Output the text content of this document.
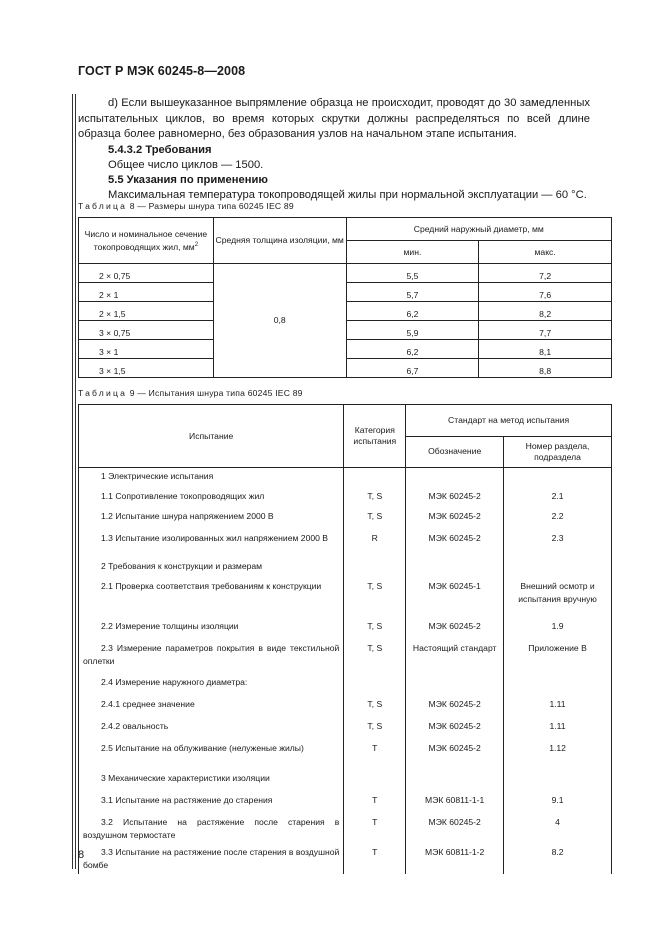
ГОСТ Р МЭК 60245-8—2008
d) Если вышеуказанное выпрямление образца не происходит, проводят до 30 замедленных испытательных циклов, во время которых скрутки должны распределяться по всей длине образца более равномерно, без образования узлов на начальном этапе испытания.
5.4.3.2 Требования
Общее число циклов — 1500.
5.5 Указания по применению
Максимальная температура токопроводящей жилы при нормальной эксплуатации — 60 °С.
Таблица 8 — Размеры шнура типа 60245 IEC 89
Число и номинальное сечение токопроводящих жил, $мм^2$	Средняя толщина изоляции, мм	Средний наружный диаметр, мм	
		мин.	макс.
2 × 0,75	0,8	5,5	7,2
2 × 1		5,7	7,6
2 × 1,5		6,2	8,2
3 × 0,75		5,9	7,7
3 × 1		6,2	8,1
3 × 1,5		6,7	8,8
Таблица 9 — Испытания шнура типа 60245 IEC 89
Испытание	Категория испытания	Стандарт на метод испытания	
		Обозначение	Номер раздела, подраздела
1 Электрические испытания			
1.1 Сопротивление токопроводящих жил	T, S	МЭК 60245-2	2.1
1.2 Испытание шнура напряжением 2000 В	T, S	МЭК 60245-2	2.2
1.3 Испытание изолированных жил напряжением 2000 В	R	МЭК 60245-2	2.3
2 Требования к конструкции и размерам			
2.1 Проверка соответствия требованиям к конструкции	T, S	МЭК 60245-1	Внешний осмотр и испытания вручную
2.2 Измерение толщины изоляции	T, S	МЭК 60245-2	1.9
2.3 Измерение параметров покрытия в виде текстильной оплетки	T, S	Настоящий стандарт	Приложение В
2.4 Измерение наружного диаметра:			
2.4.1 среднее значение	T, S	МЭК 60245-2	1.11
2.4.2 овальность	T, S	МЭК 60245-2	1.11
2.5 Испытание на облуживание (нелуженые жилы)	T	МЭК 60245-2	1.12
3 Механические характеристики изоляции			
3.1 Испытание на растяжение до старения	T	МЭК 60811-1-1	9.1
3.2 Испытание на растяжение после старения в воздушном термостате	T	МЭК 60245-2	4
3.3 Испытание на растяжение после старения в воздушной бомбе	T	МЭК 60811-1-2	8.2
8
